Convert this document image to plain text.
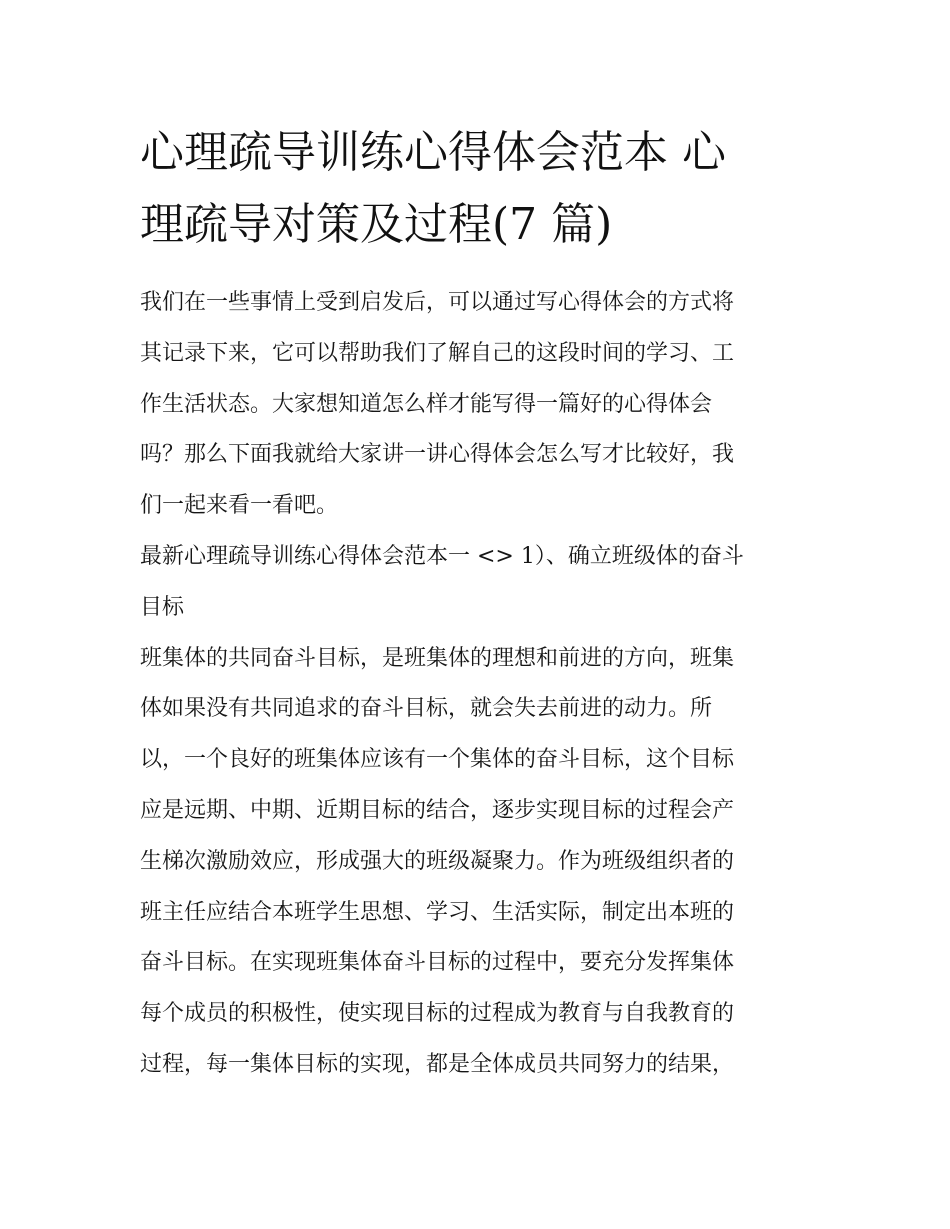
心理疏导训练心得体会范本 心
理疏导对策及过程(7 篇)
我们在一些事情上受到启发后，可以通过写心得体会的方式将
其记录下来，它可以帮助我们了解自己的这段时间的学习、工
作生活状态。大家想知道怎么样才能写得一篇好的心得体会
吗？那么下面我就给大家讲一讲心得体会怎么写才比较好，我
们一起来看一看吧。
最新心理疏导训练心得体会范本一 <> 1）、确立班级体的奋斗
目标
班集体的共同奋斗目标，是班集体的理想和前进的方向，班集
体如果没有共同追求的奋斗目标，就会失去前进的动力。所
以，一个良好的班集体应该有一个集体的奋斗目标，这个目标
应是远期、中期、近期目标的结合，逐步实现目标的过程会产
生梯次激励效应，形成强大的班级凝聚力。作为班级组织者的
班主任应结合本班学生思想、学习、生活实际，制定出本班的
奋斗目标。在实现班集体奋斗目标的过程中，要充分发挥集体
每个成员的积极性，使实现目标的过程成为教育与自我教育的
过程，每一集体目标的实现，都是全体成员共同努力的结果，
